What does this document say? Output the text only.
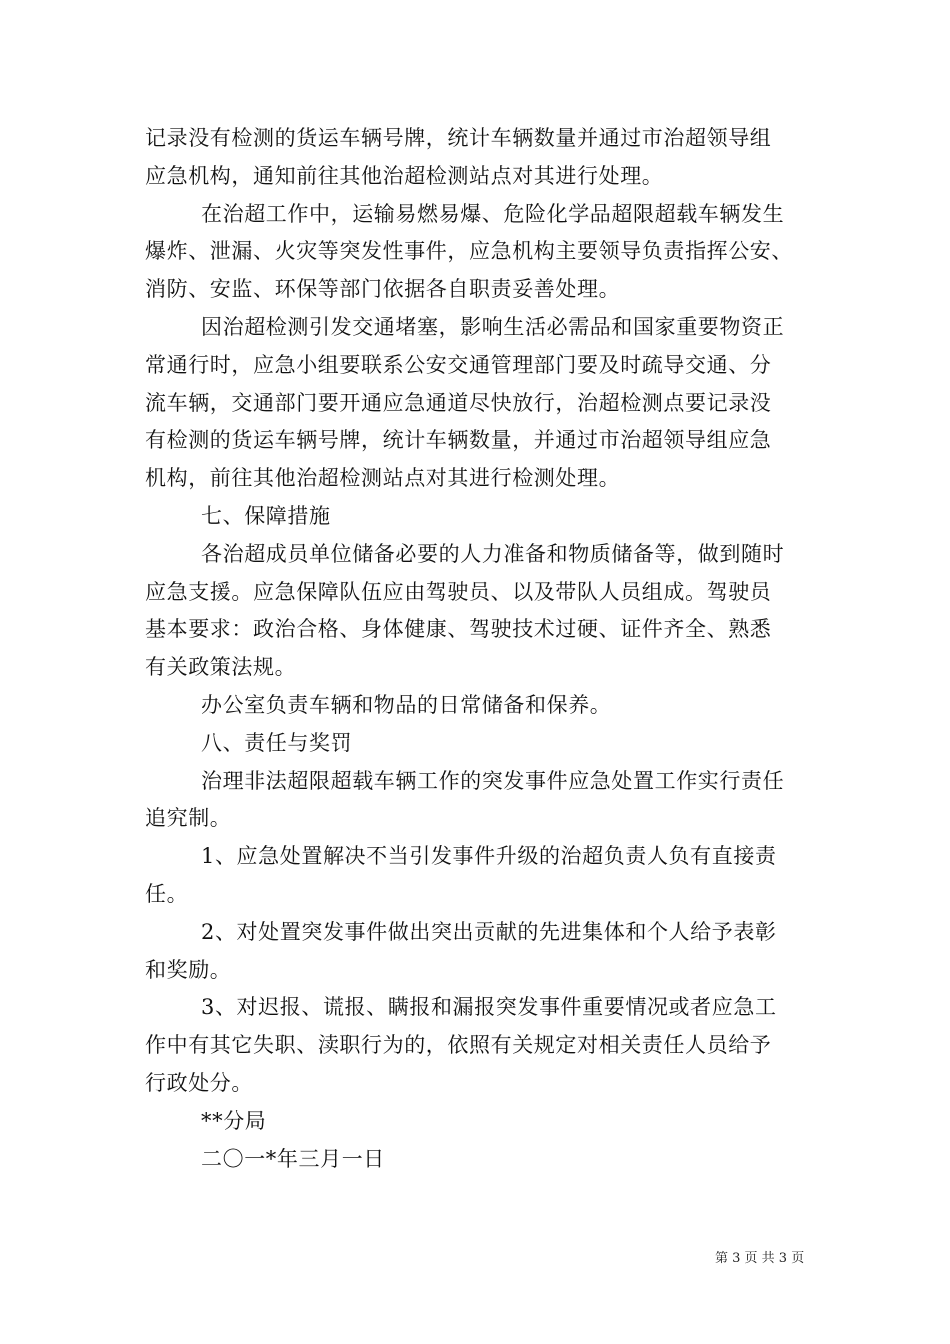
记录没有检测的货运车辆号牌，统计车辆数量并通过市治超领导组
应急机构，通知前往其他治超检测站点对其进行处理。
在治超工作中，运输易燃易爆、危险化学品超限超载车辆发生
爆炸、泄漏、火灾等突发性事件，应急机构主要领导负责指挥公安、
消防、安监、环保等部门依据各自职责妥善处理。
因治超检测引发交通堵塞，影响生活必需品和国家重要物资正
常通行时，应急小组要联系公安交通管理部门要及时疏导交通、分
流车辆，交通部门要开通应急通道尽快放行，治超检测点要记录没
有检测的货运车辆号牌，统计车辆数量，并通过市治超领导组应急
机构，前往其他治超检测站点对其进行检测处理。
七、保障措施
各治超成员单位储备必要的人力准备和物质储备等，做到随时
应急支援。应急保障队伍应由驾驶员、以及带队人员组成。驾驶员
基本要求：政治合格、身体健康、驾驶技术过硬、证件齐全、熟悉
有关政策法规。
办公室负责车辆和物品的日常储备和保养。
八、责任与奖罚
治理非法超限超载车辆工作的突发事件应急处置工作实行责任
追究制。
1、应急处置解决不当引发事件升级的治超负责人负有直接责
任。
2、对处置突发事件做出突出贡献的先进集体和个人给予表彰
和奖励。
3、对迟报、谎报、瞒报和漏报突发事件重要情况或者应急工
作中有其它失职、渎职行为的，依照有关规定对相关责任人员给予
行政处分。
**分局
二〇一*年三月一日
第 3 页 共 3 页
